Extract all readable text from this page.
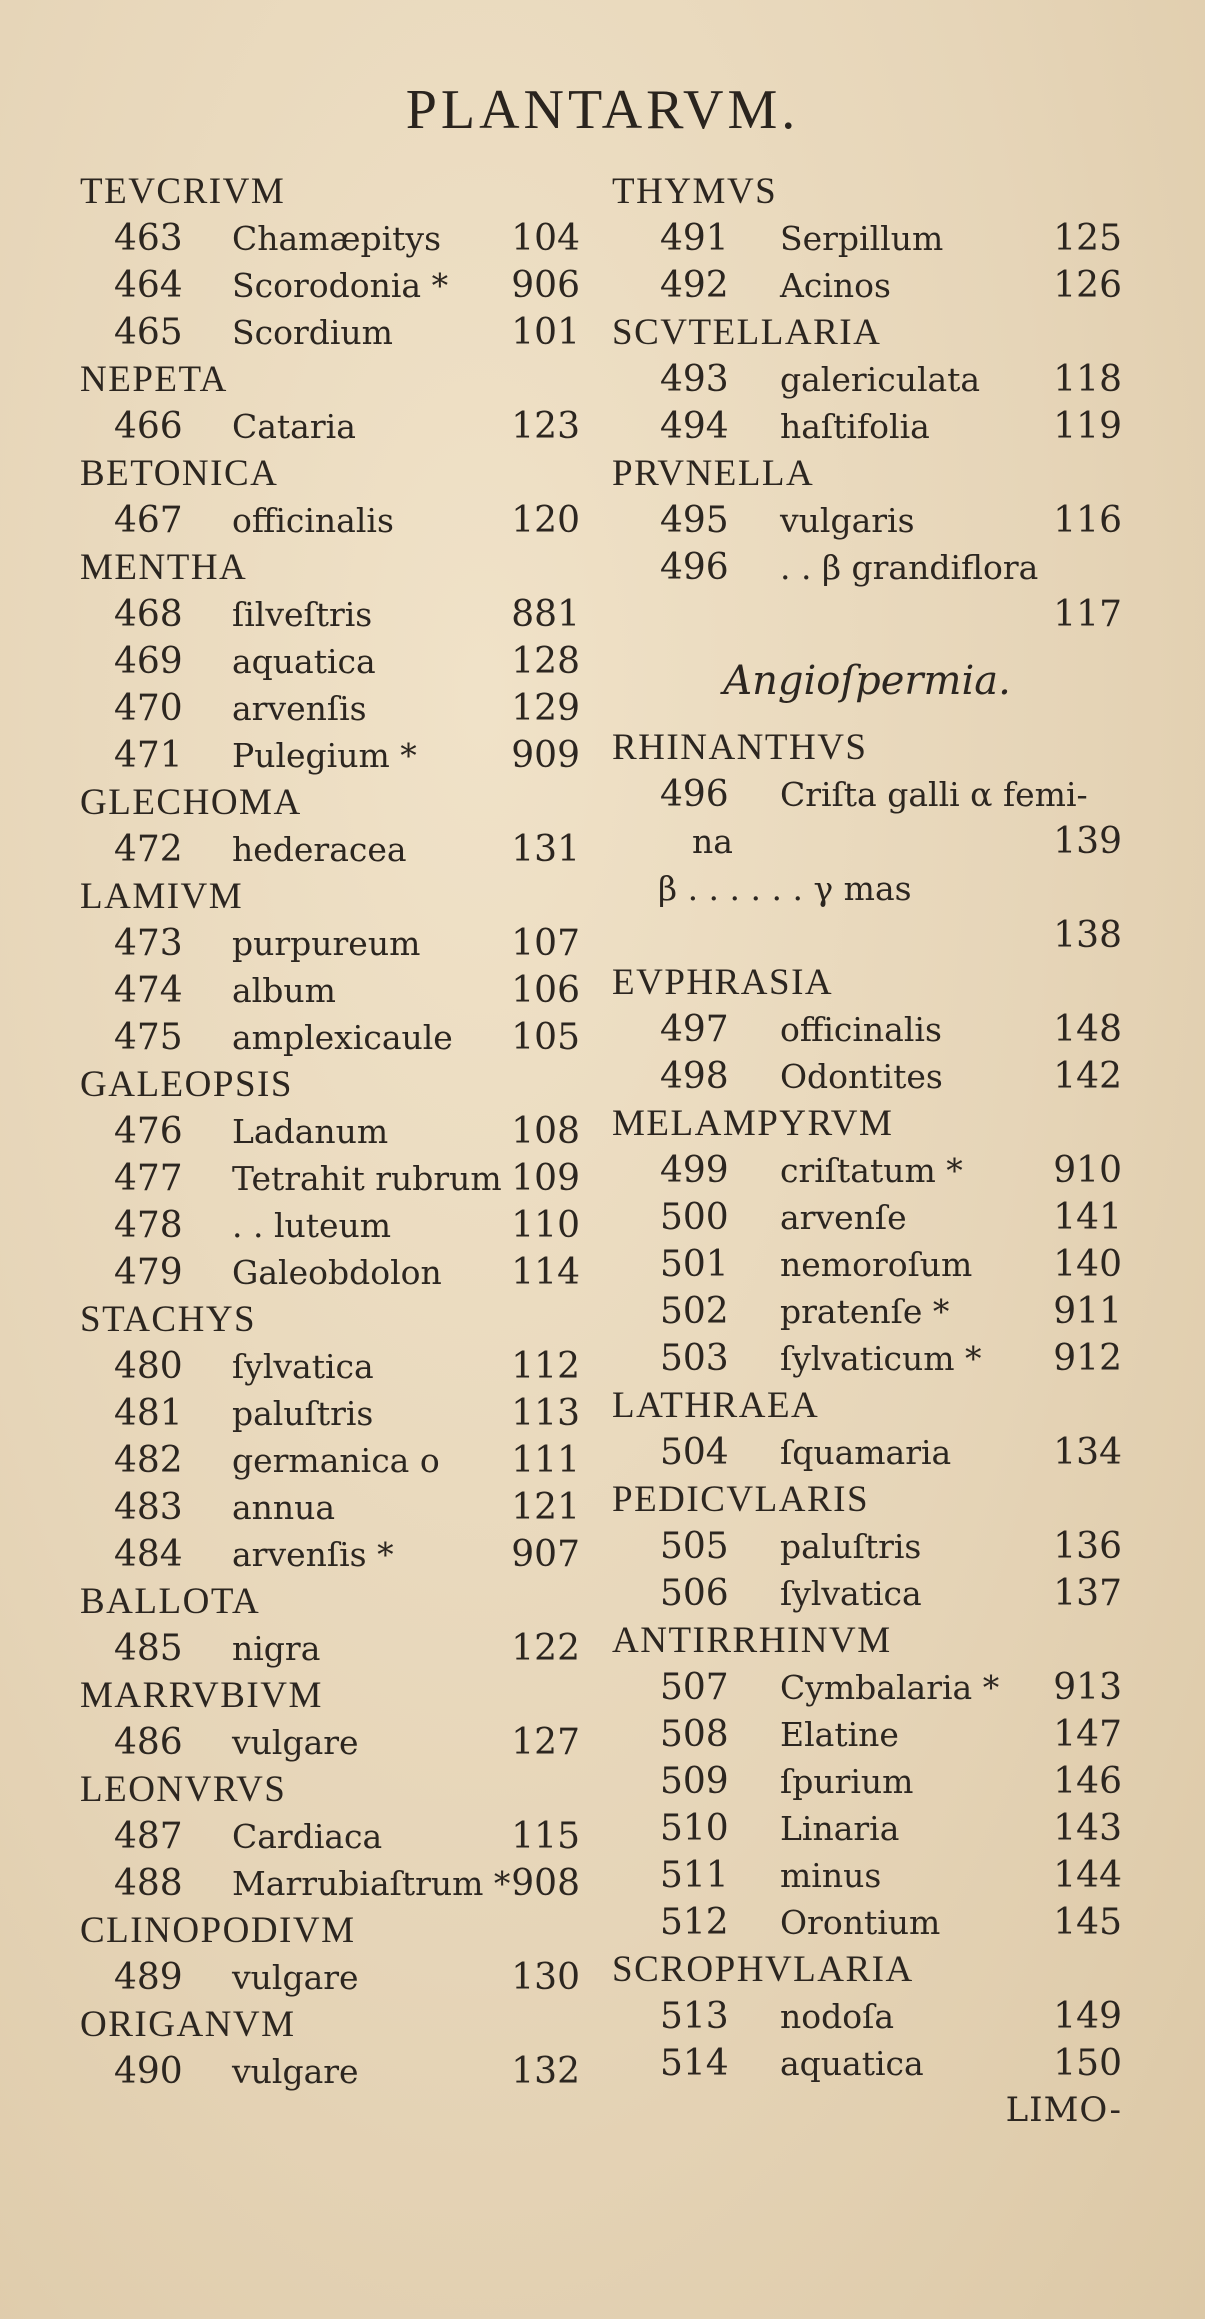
PLANTARVM.
TEVCRIVM
463 Chamæpitys 104
464 Scorodonia * 906
465 Scordium	101
NEPETA
466 Cataria	123
BETONICA
467 officinalis	120
MENTHA
468 ſilveſtris	881
469 aquatica	128
470 arvenſis	129
471 Pulegium *	909
GLECHOMA
472 hederacea	131
LAMIVM
473 purpureum	107
474 album	106
475 amplexicaule 105
GALEOPSIS
476 Ladanum	108
477 Tetrahit rubrum 109
478 . . luteum	110
479 Galeobdolon 114
STACHYS
480 ſylvatica	112
481 paluſtris	113
482 germanica o 111
483 annua	121
484 arvenſis *	907
BALLOTA
485 nigra	122
MARRVBIVM
486 vulgare	127
LEONVRVS
487 Cardiaca	115
488 Marrubiaſtrum * 908
CLINOPODIVM
489 vulgare	130
ORIGANVM
490 vulgare	132
THYMVS
491 Serpillum	125
492 Acinos	126
SCVTELLARIA
493 galericulata 118
494 haſtifolia	119
PRVNELLA
495 vulgaris	116
496 . . β grandiflora
117
Angioſpermia.
RHINANTHVS
496 Criſta galli α femi-
na	139
β . . . . . . γ mas
138
EVPHRASIA
497 officinalis	148
498 Odontites	142
MELAMPYRVM
499 criſtatum *	910
500 arvenſe	141
501 nemoroſum 140
502 pratenſe *	911
503 ſylvaticum * 912
LATHRAEA
504 ſquamaria	134
PEDICVLARIS
505 paluſtris	136
506 ſylvatica	137
ANTIRRHINVM
507 Cymbalaria * 913
508 Elatine	147
509 ſpurium	146
510 Linaria	143
511 minus	144
512 Orontium	145
SCROPHVLARIA
513 nodoſa	149
514 aquatica	150
LIMO-
